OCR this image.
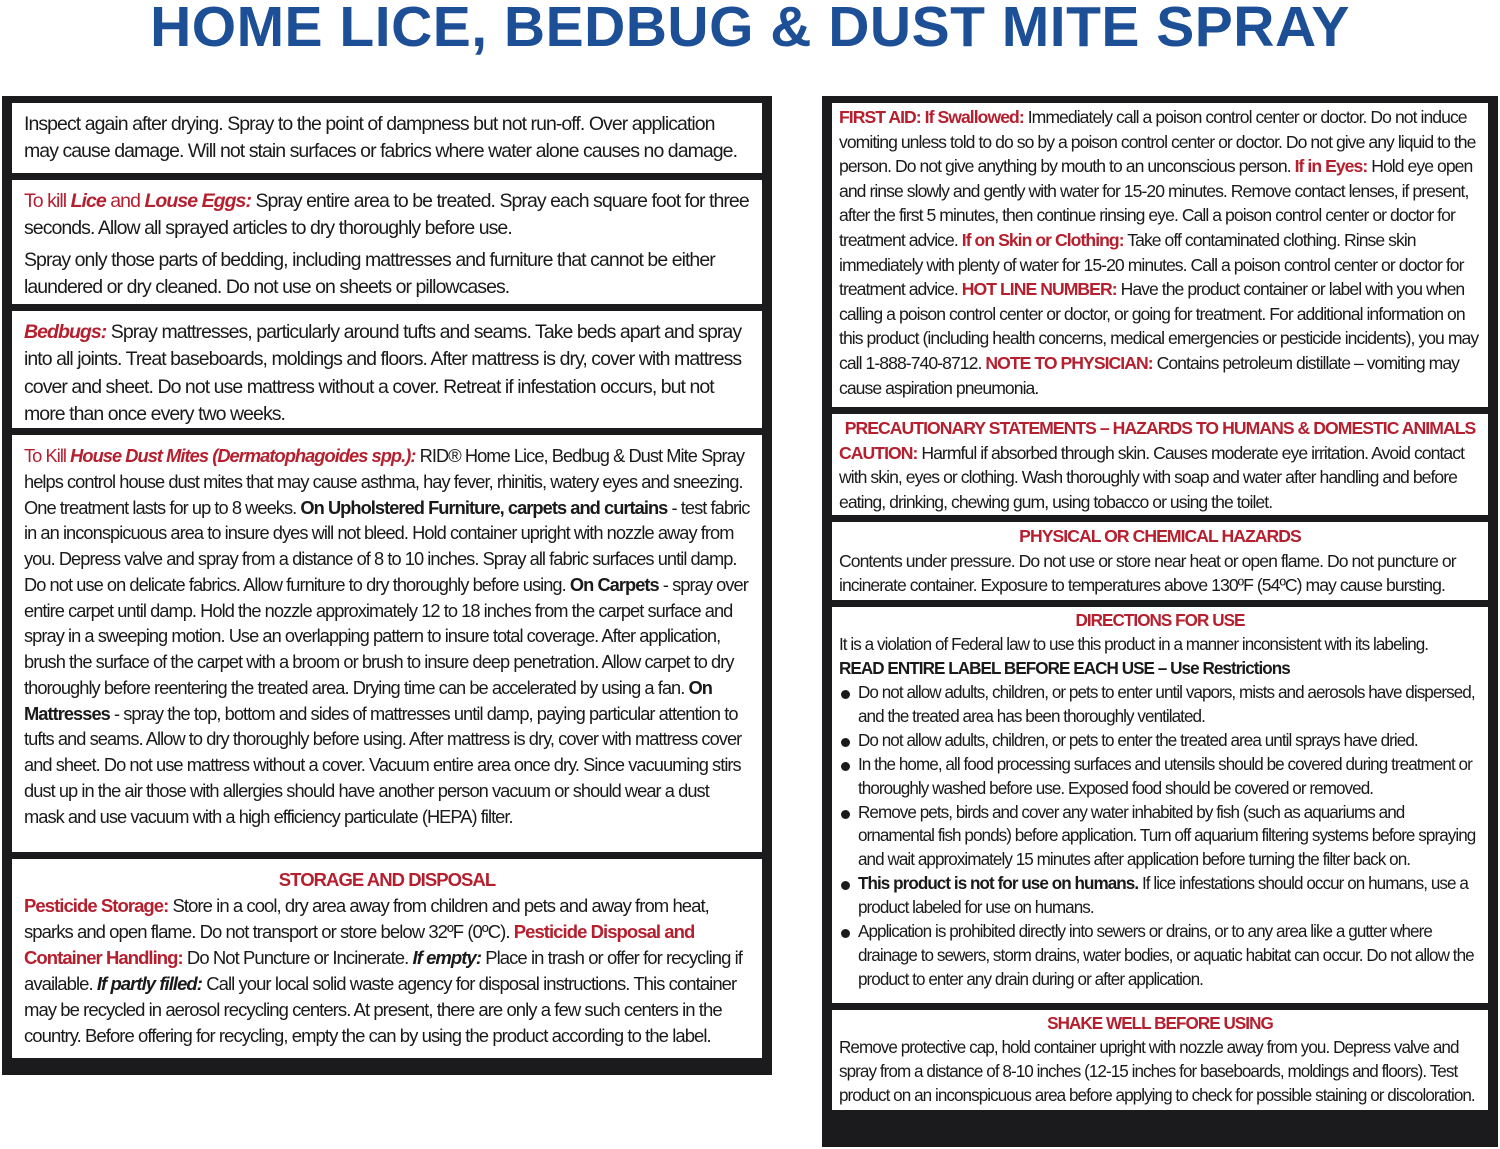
HOME LICE, BEDBUG & DUST MITE SPRAY
Inspect again after drying. Spray to the point of dampness but not run-off. Over application may cause damage. Will not stain surfaces or fabrics where water alone causes no damage.
To kill Lice and Louse Eggs: Spray entire area to be treated. Spray each square foot for three seconds. Allow all sprayed articles to dry thoroughly before use.
Spray only those parts of bedding, including mattresses and furniture that cannot be either laundered or dry cleaned. Do not use on sheets or pillowcases.
Bedbugs: Spray mattresses, particularly around tufts and seams. Take beds apart and spray into all joints. Treat baseboards, moldings and floors. After mattress is dry, cover with mattress cover and sheet. Do not use mattress without a cover. Retreat if infestation occurs, but not more than once every two weeks.
To Kill House Dust Mites (Dermatophagoides spp.): RID® Home Lice, Bedbug & Dust Mite Spray helps control house dust mites that may cause asthma, hay fever, rhinitis, watery eyes and sneezing. One treatment lasts for up to 8 weeks. On Upholstered Furniture, carpets and curtains - test fabric in an inconspicuous area to insure dyes will not bleed. Hold container upright with nozzle away from you. Depress valve and spray from a distance of 8 to 10 inches. Spray all fabric surfaces until damp. Do not use on delicate fabrics. Allow furniture to dry thoroughly before using. On Carpets - spray over entire carpet until damp. Hold the nozzle approximately 12 to 18 inches from the carpet surface and spray in a sweeping motion. Use an overlapping pattern to insure total coverage. After application, brush the surface of the carpet with a broom or brush to insure deep penetration. Allow carpet to dry thoroughly before reentering the treated area. Drying time can be accelerated by using a fan. On Mattresses - spray the top, bottom and sides of mattresses until damp, paying particular attention to tufts and seams. Allow to dry thoroughly before using. After mattress is dry, cover with mattress cover and sheet. Do not use mattress without a cover. Vacuum entire area once dry. Since vacuuming stirs dust up in the air those with allergies should have another person vacuum or should wear a dust mask and use vacuum with a high efficiency particulate (HEPA) filter.
STORAGE AND DISPOSAL
Pesticide Storage: Store in a cool, dry area away from children and pets and away from heat, sparks and open flame. Do not transport or store below 32ºF (0ºC). Pesticide Disposal and Container Handling: Do Not Puncture or Incinerate. If empty: Place in trash or offer for recycling if available. If partly filled: Call your local solid waste agency for disposal instructions. This container may be recycled in aerosol recycling centers. At present, there are only a few such centers in the country. Before offering for recycling, empty the can by using the product according to the label.
FIRST AID: If Swallowed: Immediately call a poison control center or doctor. Do not induce vomiting unless told to do so by a poison control center or doctor. Do not give any liquid to the person. Do not give anything by mouth to an unconscious person. If in Eyes: Hold eye open and rinse slowly and gently with water for 15-20 minutes. Remove contact lenses, if present, after the first 5 minutes, then continue rinsing eye. Call a poison control center or doctor for treatment advice. If on Skin or Clothing: Take off contaminated clothing. Rinse skin immediately with plenty of water for 15-20 minutes. Call a poison control center or doctor for treatment advice. HOT LINE NUMBER: Have the product container or label with you when calling a poison control center or doctor, or going for treatment. For additional information on this product (including health concerns, medical emergencies or pesticide incidents), you may call 1-888-740-8712. NOTE TO PHYSICIAN: Contains petroleum distillate – vomiting may cause aspiration pneumonia.
PRECAUTIONARY STATEMENTS – HAZARDS TO HUMANS & DOMESTIC ANIMALS
CAUTION: Harmful if absorbed through skin. Causes moderate eye irritation. Avoid contact with skin, eyes or clothing. Wash thoroughly with soap and water after handling and before eating, drinking, chewing gum, using tobacco or using the toilet.
PHYSICAL OR CHEMICAL HAZARDS
Contents under pressure. Do not use or store near heat or open flame. Do not puncture or incinerate container. Exposure to temperatures above 130ºF (54ºC) may cause bursting.
DIRECTIONS FOR USE
It is a violation of Federal law to use this product in a manner inconsistent with its labeling.
READ ENTIRE LABEL BEFORE EACH USE – Use Restrictions
Do not allow adults, children, or pets to enter until vapors, mists and aerosols have dispersed, and the treated area has been thoroughly ventilated.
Do not allow adults, children, or pets to enter the treated area until sprays have dried.
In the home, all food processing surfaces and utensils should be covered during treatment or thoroughly washed before use. Exposed food should be covered or removed.
Remove pets, birds and cover any water inhabited by fish (such as aquariums and ornamental fish ponds) before application. Turn off aquarium filtering systems before spraying and wait approximately 15 minutes after application before turning the filter back on.
This product is not for use on humans. If lice infestations should occur on humans, use a product labeled for use on humans.
Application is prohibited directly into sewers or drains, or to any area like a gutter where drainage to sewers, storm drains, water bodies, or aquatic habitat can occur. Do not allow the product to enter any drain during or after application.
SHAKE WELL BEFORE USING
Remove protective cap, hold container upright with nozzle away from you. Depress valve and spray from a distance of 8-10 inches (12-15 inches for baseboards, moldings and floors). Test product on an inconspicuous area before applying to check for possible staining or discoloration.
